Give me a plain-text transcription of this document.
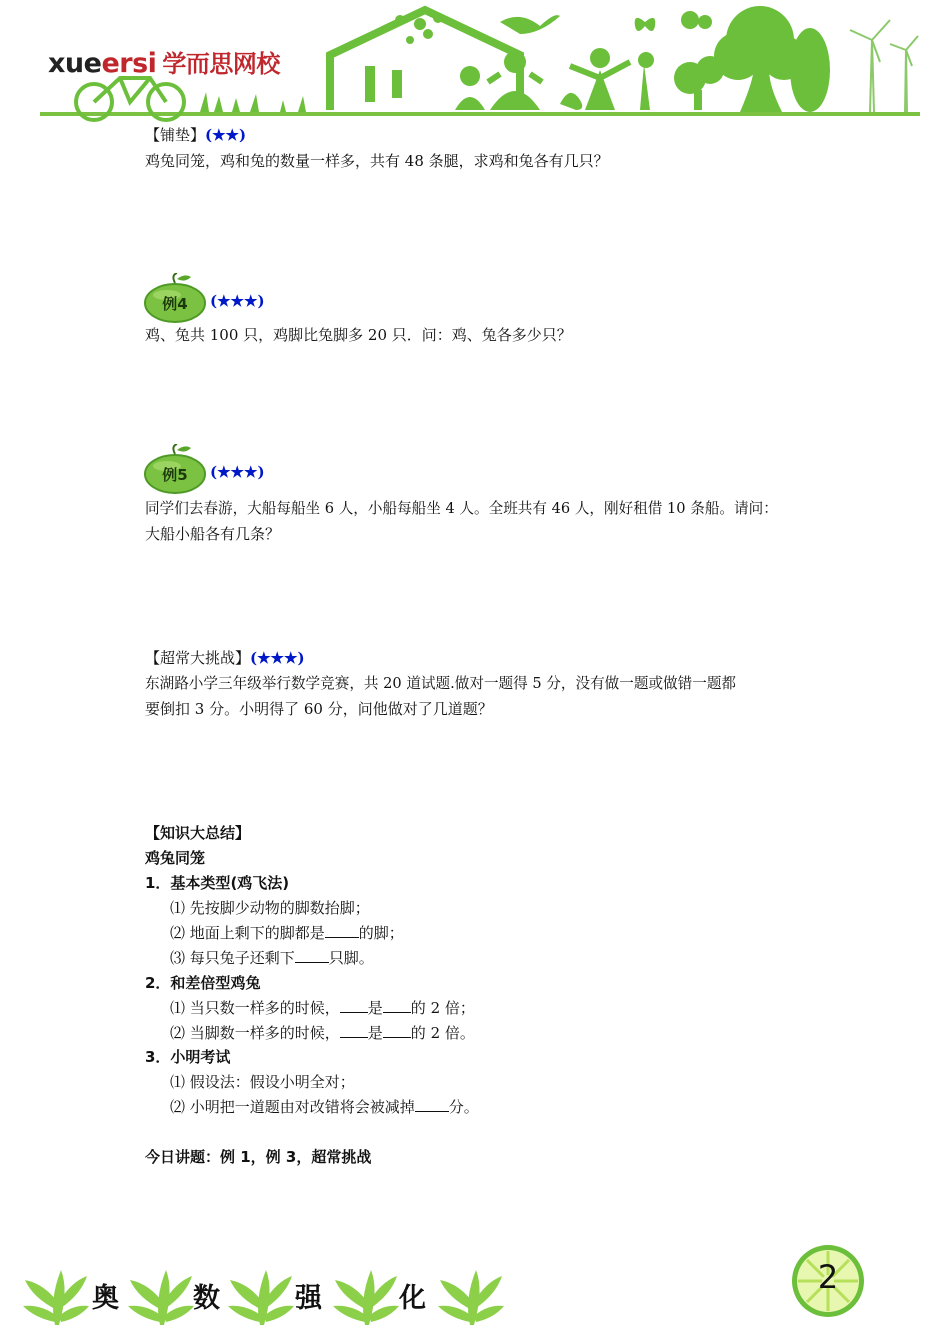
xueersi 学而思网校
【铺垫】(★★)
鸡兔同笼，鸡和兔的数量一样多，共有 48 条腿，求鸡和兔各有几只？
例4 (★★★)
鸡、兔共 100 只，鸡脚比兔脚多 20 只．问：鸡、兔各多少只？
例5 (★★★)
同学们去春游，大船每船坐 6 人，小船每船坐 4 人。全班共有 46 人，刚好租借 10 条船。请问：
大船小船各有几条？
【超常大挑战】(★★★)
东湖路小学三年级举行数学竞赛，共 20 道试题.做对一题得 5 分，没有做一题或做错一题都
要倒扣 3 分。小明得了 60 分，问他做对了几道题？
【知识大总结】
鸡兔同笼
1．基本类型(鸡飞法)
⑴ 先按脚少动物的脚数抬脚；
⑵ 地面上剩下的脚都是 的脚；
⑶ 每只兔子还剩下 只脚。
2．和差倍型鸡兔
⑴ 当只数一样多的时候， 是 的 2 倍；
⑵ 当脚数一样多的时候， 是 的 2 倍。
3．小明考试
⑴ 假设法：假设小明全对；
⑵ 小明把一道题由对改错将会被减掉 分。
今日讲题：例 1，例 3，超常挑战
奥	数	强	化
2
